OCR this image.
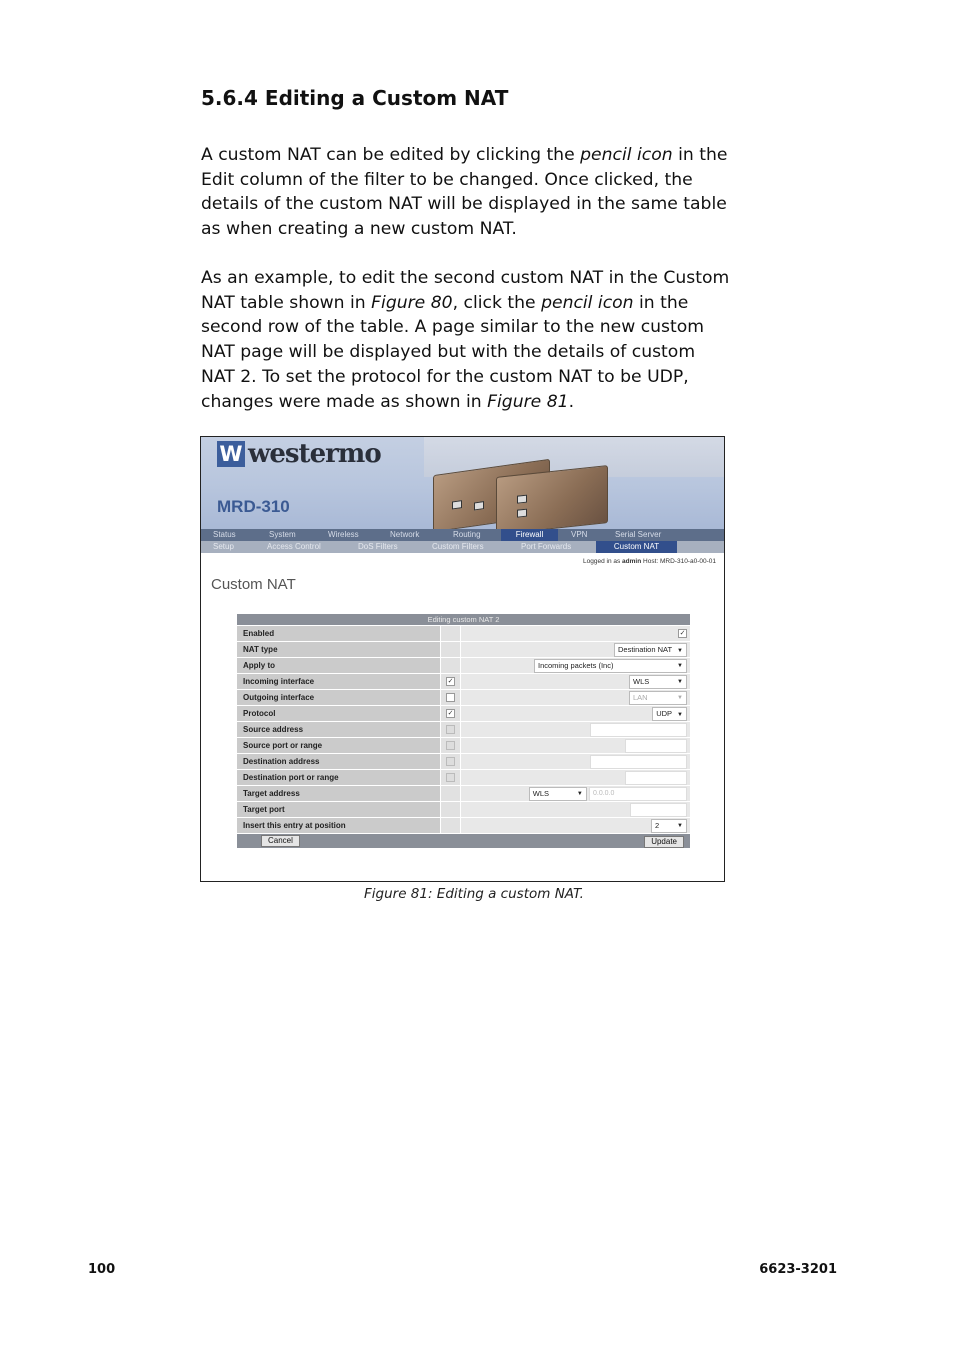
5.6.4 Editing a Custom NAT

A custom NAT can be edited by clicking the pencil icon in the Edit column of the filter to be changed. Once clicked, the details of the custom NAT will be displayed in the same table as when creating a new custom NAT.

As an example, to edit the second custom NAT in the Custom NAT table shown in Figure 80, click the pencil icon in the second row of the table. A page similar to the new custom NAT page will be displayed but with the details of custom NAT 2. To set the protocol for the custom NAT to be UDP, changes were made as shown in Figure 81.

W westermo
MRD-310
Status	System	Wireless	Network	Routing	Firewall	VPN	Serial Server
Setup	Access Control	DoS Filters	Custom Filters	Port Forwards	Custom NAT
Logged in as admin Host: MRD-310-a0-00-01
Custom NAT
Editing custom NAT 2		
Enabled		✓
NAT type		Destination NAT ▼
Apply to		Incoming packets (Inc) ▼

Incoming interface	✓	WLS ▼

Outgoing interface		LAN ▼

Protocol	✓	UDP ▼
Source address		
Source port or range		
Destination address		
Destination port or range		
Target address		WLS ▼ 0.0.0.0
Target port		
Insert this entry at position		2 ▼

Cancel Update		
Figure 81: Editing a custom NAT.
100	6623-3201
